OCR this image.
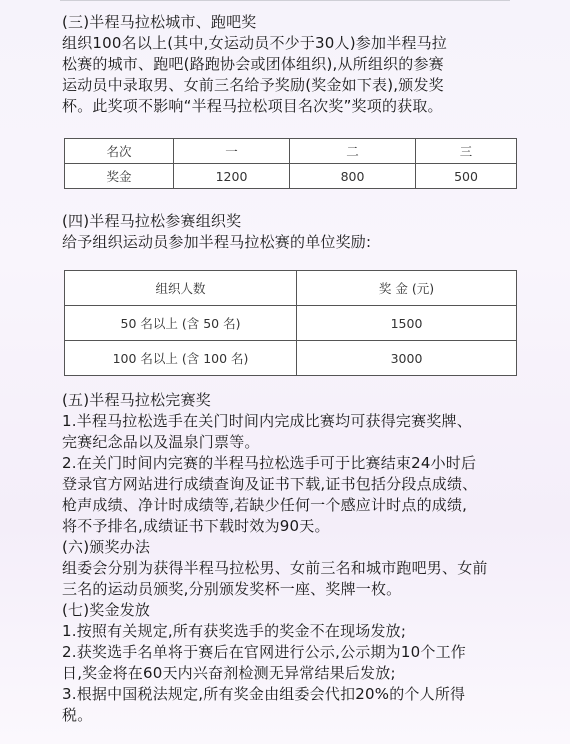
(三)半程马拉松城市、跑吧奖

组织100名以上(其中,女运动员不少于30人)参加半程马拉

松赛的城市、跑吧(路跑协会或团体组织),从所组织的参赛

运动员中录取男、女前三名给予奖励(奖金如下表),颁发奖

杯。此奖项不影响“半程马拉松项目名次奖”奖项的获取。

名次	一	二	三
奖金	1200	800	500

(四)半程马拉松参赛组织奖

给予组织运动员参加半程马拉松赛的单位奖励:

组织人数	奖 金 (元)
50 名以上 (含 50 名)	1500
100 名以上 (含 100 名)	3000

(五)半程马拉松完赛奖

1.半程马拉松选手在关门时间内完成比赛均可获得完赛奖牌、

完赛纪念品以及温泉门票等。

2.在关门时间内完赛的半程马拉松选手可于比赛结束24小时后

登录官方网站进行成绩查询及证书下载,证书包括分段点成绩、

枪声成绩、净计时成绩等,若缺少任何一个感应计时点的成绩,

将不予排名,成绩证书下载时效为90天。

(六)颁奖办法

组委会分别为获得半程马拉松男、女前三名和城市跑吧男、女前

三名的运动员颁奖,分别颁发奖杯一座、奖牌一枚。

(七)奖金发放

1.按照有关规定,所有获奖选手的奖金不在现场发放;

2.获奖选手名单将于赛后在官网进行公示,公示期为10个工作

日,奖金将在60天内兴奋剂检测无异常结果后发放;

3.根据中国税法规定,所有奖金由组委会代扣20%的个人所得

税。
